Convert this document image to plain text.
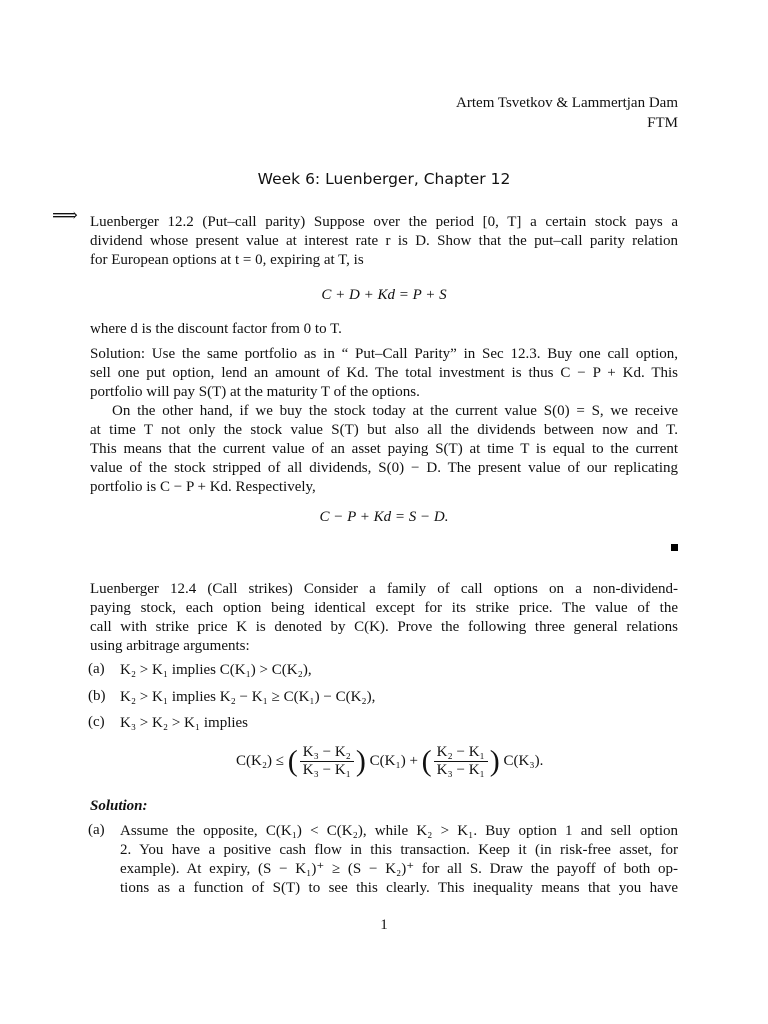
Artem Tsvetkov & Lammertjan Dam
FTM
Week 6: Luenberger, Chapter 12
⟹ Luenberger 12.2 (Put–call parity) Suppose over the period [0, T] a certain stock pays a
dividend whose present value at interest rate r is D. Show that the put–call parity relation
for European options at t = 0, expiring at T, is
C + D + Kd = P + S
where d is the discount factor from 0 to T.
Solution: Use the same portfolio as in “ Put–Call Parity” in Sec 12.3. Buy one call option,
sell one put option, lend an amount of Kd. The total investment is thus C − P + Kd. This
portfolio will pay S(T) at the maturity T of the options.
On the other hand, if we buy the stock today at the current value S(0) = S, we receive
at time T not only the stock value S(T) but also all the dividends between now and T.
This means that the current value of an asset paying S(T) at time T is equal to the current
value of the stock stripped of all dividends, S(0) − D. The present value of our replicating
portfolio is C − P + Kd. Respectively,
C − P + Kd = S − D.
Luenberger 12.4 (Call strikes) Consider a family of call options on a non-dividend-
paying stock, each option being identical except for its strike price. The value of the
call with strike price K is denoted by C(K). Prove the following three general relations
using arbitrage arguments:
(a) K₂ > K₁ implies C(K₁) > C(K₂),
(b) K₂ > K₁ implies K₂ − K₁ ≥ C(K₁) − C(K₂),
(c) K₃ > K₂ > K₁ implies
C(K₂) ≤ ( $\frac{\text{K₃ − K₂}}{\text{K₃ − K₁}}$ ) C(K₁) + ( $\frac{\text{K₂ − K₁}}{\text{K₃ − K₁}}$ ) C(K₃).
Solution:
(a) Assume the opposite, C(K₁) < C(K₂), while K₂ > K₁. Buy option 1 and sell option
2. You have a positive cash flow in this transaction. Keep it (in risk-free asset, for
example). At expiry, (S − K₁)⁺ ≥ (S − K₂)⁺ for all S. Draw the payoff of both op-
tions as a function of S(T) to see this clearly. This inequality means that you have
1
